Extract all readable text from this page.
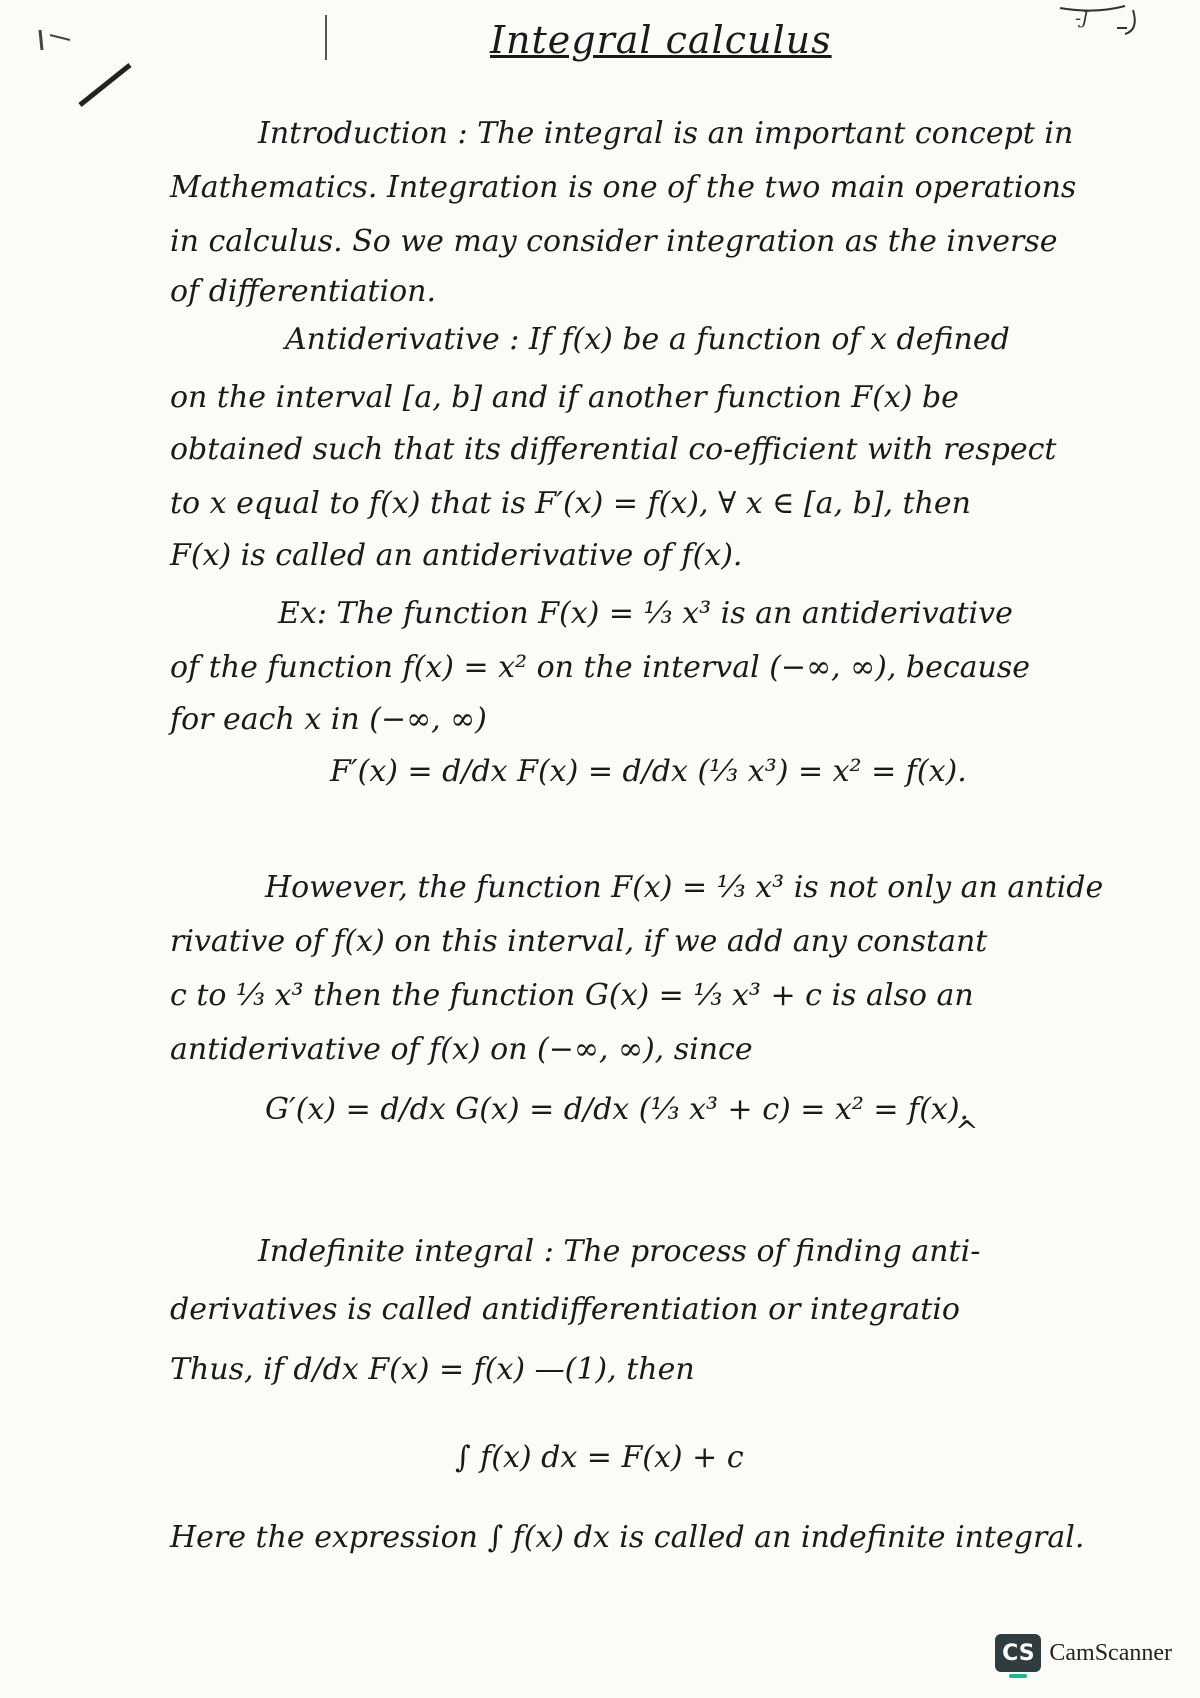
-J
Integral calculus
Introduction : The integral is an important concept in
Mathematics. Integration is one of the two main operations
in calculus. So we may consider integration as the inverse
of differentiation.
Antiderivative : If f(x) be a function of x defined
on the interval [a, b] and if another function F(x) be
obtained such that its differential co-efficient with respect
to x equal to f(x) that is F′(x) = f(x), ∀ x ∈ [a, b], then
F(x) is called an antiderivative of f(x).
Ex: The function F(x) = ⅓ x³ is an antiderivative
of the function f(x) = x² on the interval (−∞, ∞), because
for each x in (−∞, ∞)
F′(x) = d/dx F(x) = d/dx (⅓ x³) = x² = f(x).
However, the function F(x) = ⅓ x³ is not only an antide
rivative of f(x) on this interval, if we add any constant
c to ⅓ x³ then the function G(x) = ⅓ x³ + c is also an
antiderivative of f(x) on (−∞, ∞), since
G′(x) = d/dx G(x) = d/dx (⅓ x³ + c) = x² = f(x).
^
Indefinite integral : The process of finding anti-
derivatives is called antidifferentiation or integratio
Thus, if d/dx F(x) = f(x) —(1), then
∫ f(x) dx = F(x) + c
Here the expression ∫ f(x) dx is called an indefinite integral.
CS CamScanner
